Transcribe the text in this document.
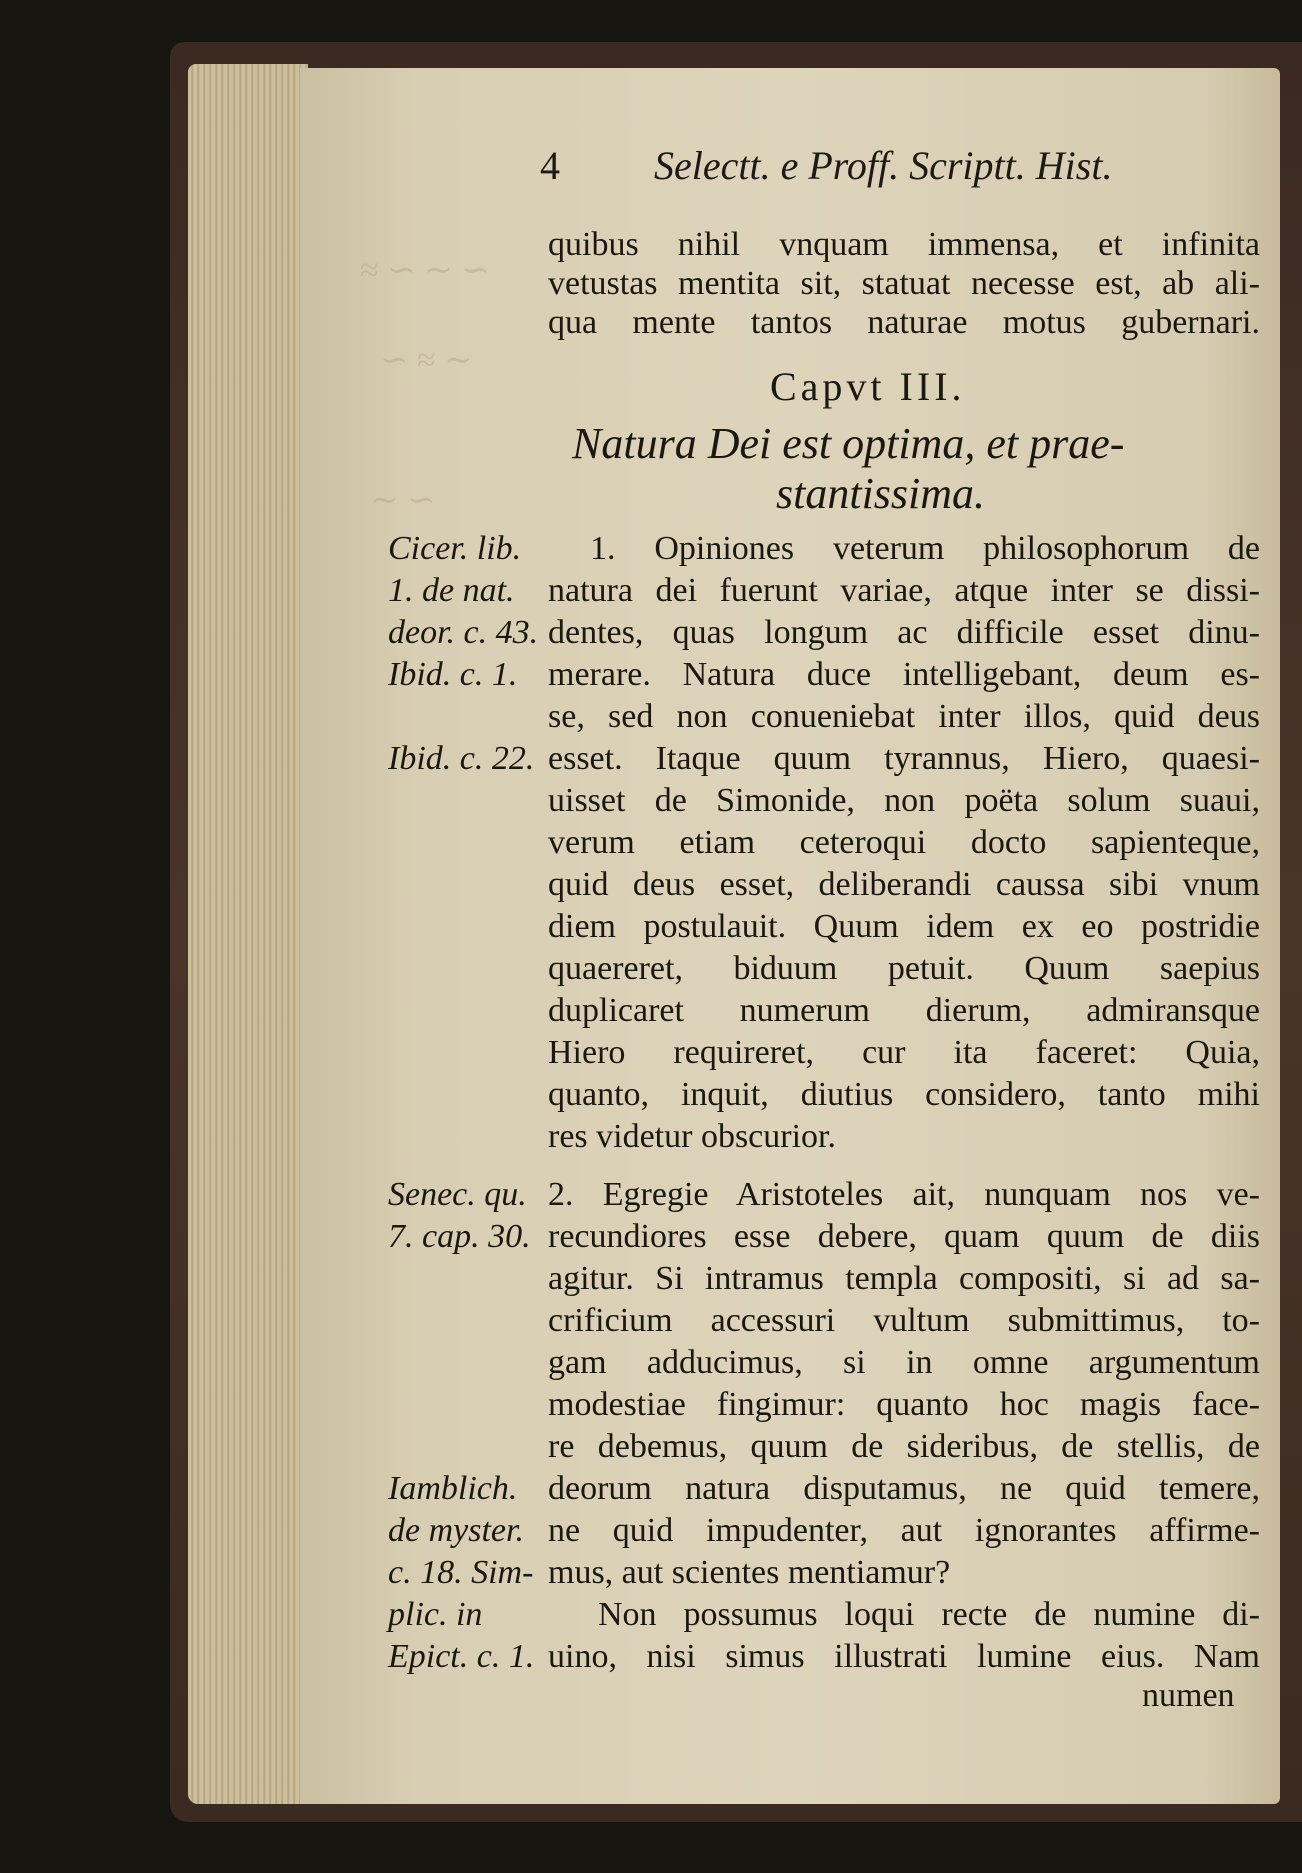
≈ ∽ ∼ ∽
∽ ≈ ∼
∼ ∽
4 Selectt. e Proff. Scriptt. Hist.
quibus nihil vnquam immensa, et infinita
vetustas mentita sit, statuat necesse est, ab ali-
qua mente tantos naturae motus gubernari.
Capvt III.
Natura Dei est optima, et prae-
stantissima.
1. Opiniones veterum philosophorum de
natura dei fuerunt variae, atque inter se dissi-
dentes, quas longum ac difficile esset dinu-
merare. Natura duce intelligebant, deum es-
se, sed non conueniebat inter illos, quid deus
esset. Itaque quum tyrannus, Hiero, quaesi-
uisset de Simonide, non poëta solum suaui,
verum etiam ceteroqui docto sapienteque,
quid deus esset, deliberandi caussa sibi vnum
diem postulauit. Quum idem ex eo postridie
quaereret, biduum petuit. Quum saepius
duplicaret numerum dierum, admiransque
Hiero requireret, cur ita faceret: Quia,
quanto, inquit, diutius considero, tanto mihi
res videtur obscurior.
2. Egregie Aristoteles ait, nunquam nos ve-
recundiores esse debere, quam quum de diis
agitur. Si intramus templa compositi, si ad sa-
crificium accessuri vultum submittimus, to-
gam adducimus, si in omne argumentum
modestiae fingimur: quanto hoc magis face-
re debemus, quum de sideribus, de stellis, de
deorum natura disputamus, ne quid temere,
ne quid impudenter, aut ignorantes affirme-
mus, aut scientes mentiamur?
Non possumus loqui recte de numine di-
uino, nisi simus illustrati lumine eius. Nam
numen
Cicer. lib.
1. de nat.
deor. c. 43.
Ibid. c. 1.
Ibid. c. 22.
Senec. qu.
7. cap. 30.
Iamblich.
de myster.
c. 18. Sim-
plic. in
Epict. c. 1.
